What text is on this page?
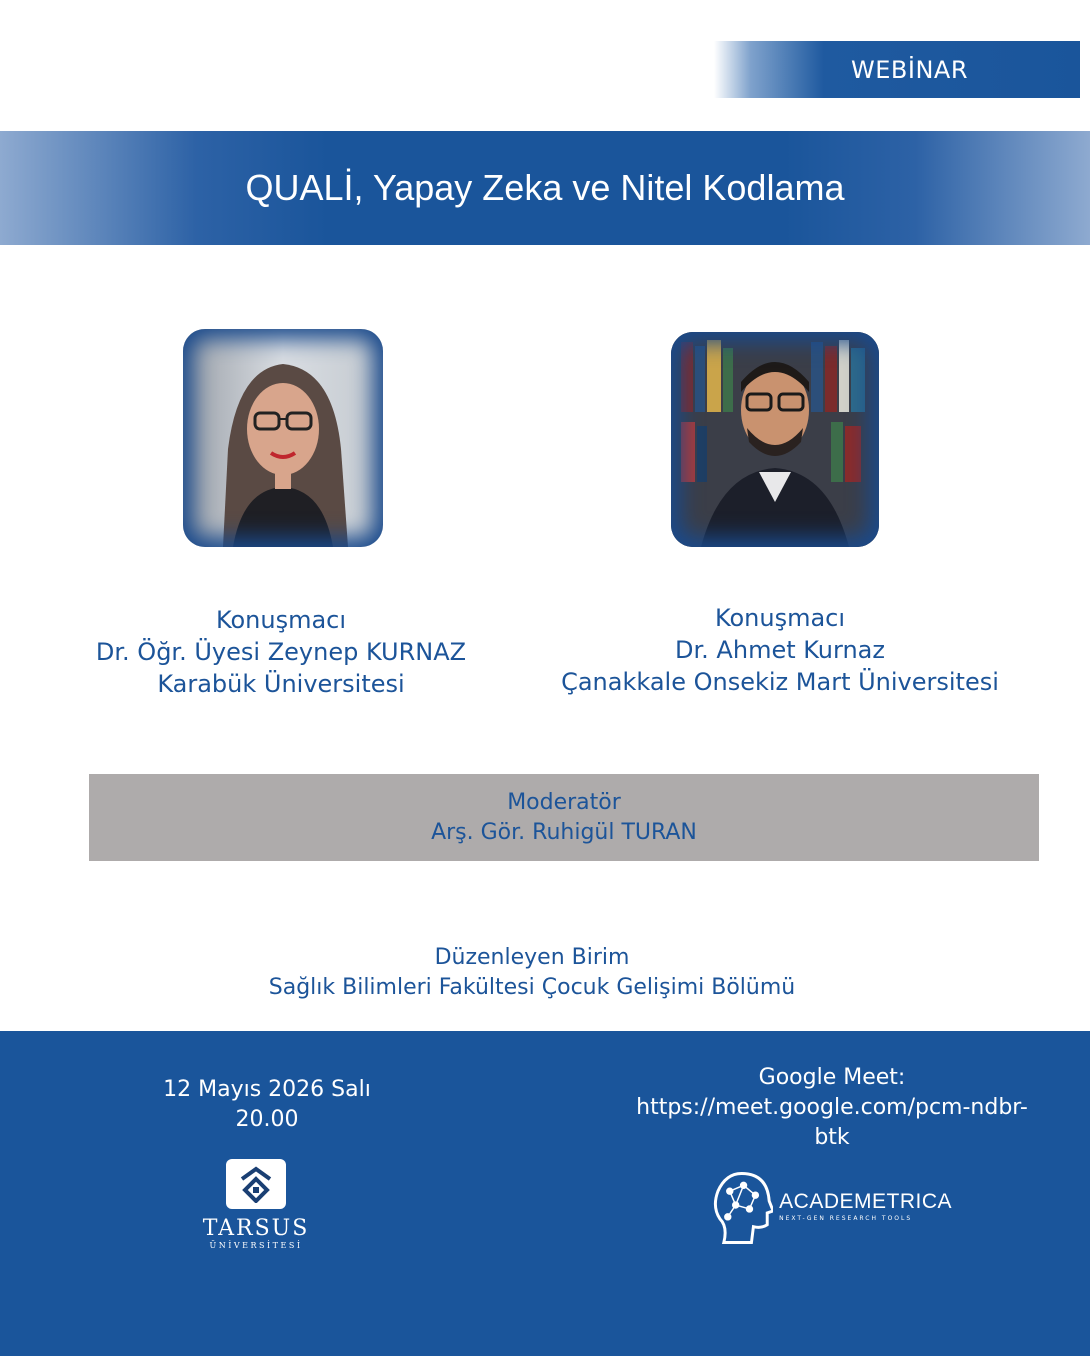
WEBİNAR
QUALİ, Yapay Zeka ve Nitel Kodlama
Konuşmacı
Dr. Öğr. Üyesi Zeynep KURNAZ
Karabük Üniversitesi
Konuşmacı
Dr. Ahmet Kurnaz
Çanakkale Onsekiz Mart Üniversitesi
Moderatör
Arş. Gör. Ruhigül TURAN
Düzenleyen Birim
Sağlık Bilimleri Fakültesi Çocuk Gelişimi Bölümü
12 Mayıs 2026 Salı
20.00
Google Meet:
https://meet.google.com/pcm-ndbr-btk
TARSUS
ÜNİVERSİTESİ
ACADEMETRICA
NEXT-GEN RESEARCH TOOLS
